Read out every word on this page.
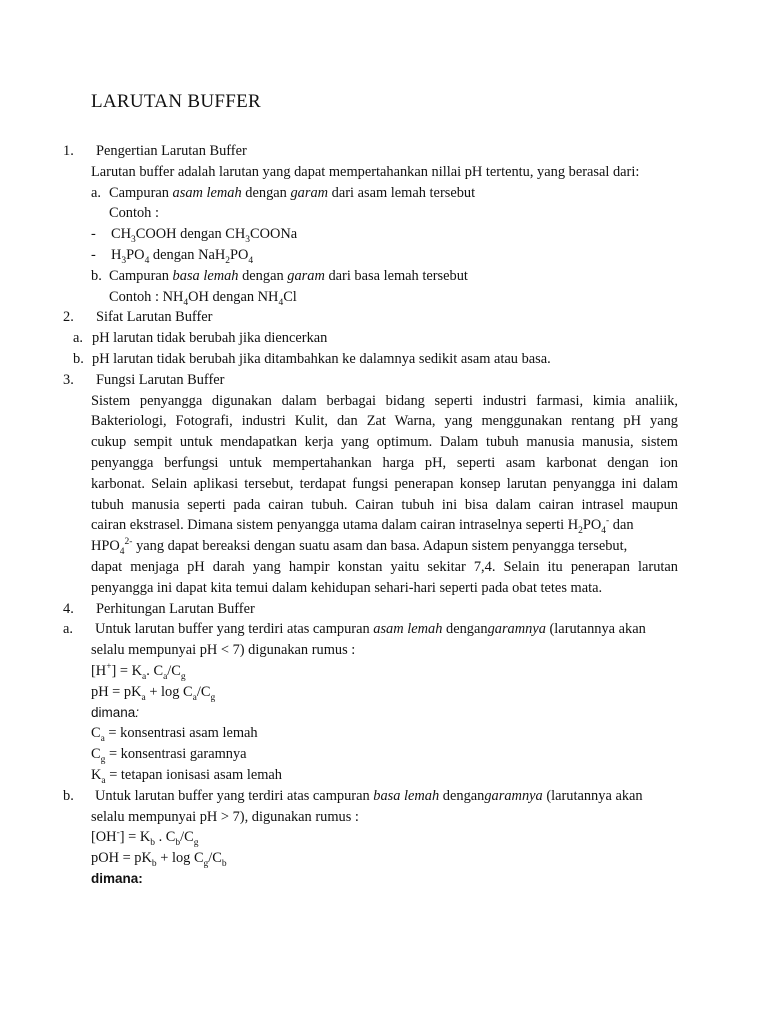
LARUTAN BUFFER
1. Pengertian Larutan Buffer
Larutan buffer adalah larutan yang dapat mempertahankan nillai pH tertentu, yang berasal dari:
a. Campuran asam lemah dengan garam dari asam lemah tersebut
Contoh :
- $CH_3COOH$ dengan $CH_3COONa$
- $H_3PO_4$ dengan $NaH_2PO_4$
b. Campuran basa lemah dengan garam dari basa lemah tersebut
Contoh : $NH_4OH$ dengan $NH_4Cl$
2. Sifat Larutan Buffer
a. pH larutan tidak berubah jika diencerkan
b. pH larutan tidak berubah jika ditambahkan ke dalamnya sedikit asam atau basa.
3. Fungsi Larutan Buffer
Sistem penyangga digunakan dalam berbagai bidang seperti industri farmasi, kimia analiik,
Bakteriologi, Fotografi, industri Kulit, dan Zat Warna, yang menggunakan rentang pH yang
cukup sempit untuk mendapatkan kerja yang optimum. Dalam tubuh manusia manusia, sistem
penyangga berfungsi untuk mempertahankan harga pH, seperti asam karbonat dengan ion
karbonat. Selain aplikasi tersebut, terdapat fungsi penerapan konsep larutan penyangga ini dalam
tubuh manusia seperti pada cairan tubuh. Cairan tubuh ini bisa dalam cairan intrasel maupun
cairan ekstrasel. Dimana sistem penyangga utama dalam cairan intraselnya seperti $H_2PO_4^-$ dan
$HPO_4^{2-}$ yang dapat bereaksi dengan suatu asam dan basa. Adapun sistem penyangga tersebut,
dapat menjaga pH darah yang hampir konstan yaitu sekitar 7,4. Selain itu penerapan larutan
penyangga ini dapat kita temui dalam kehidupan sehari-hari seperti pada obat tetes mata.
4. Perhitungan Larutan Buffer
a. Untuk larutan buffer yang terdiri atas campuran asam lemah dengangaramnya (larutannya akan
selalu mempunyai pH < 7) digunakan rumus :
$[H^+] = K_a$. $C_a/C_g$
pH = $pK_a + \log C_a/C_g$
dimana:
$C_a$ = konsentrasi asam lemah
$C_g$ = konsentrasi garamnya
$K_a$ = tetapan ionisasi asam lemah
b. Untuk larutan buffer yang terdiri atas campuran basa lemah dengangaramnya (larutannya akan
selalu mempunyai pH > 7), digunakan rumus :
$[OH^-] = K_b$ . $C_b/C_g$
pOH = $pK_b + \log C_g/C_b$
dimana:
